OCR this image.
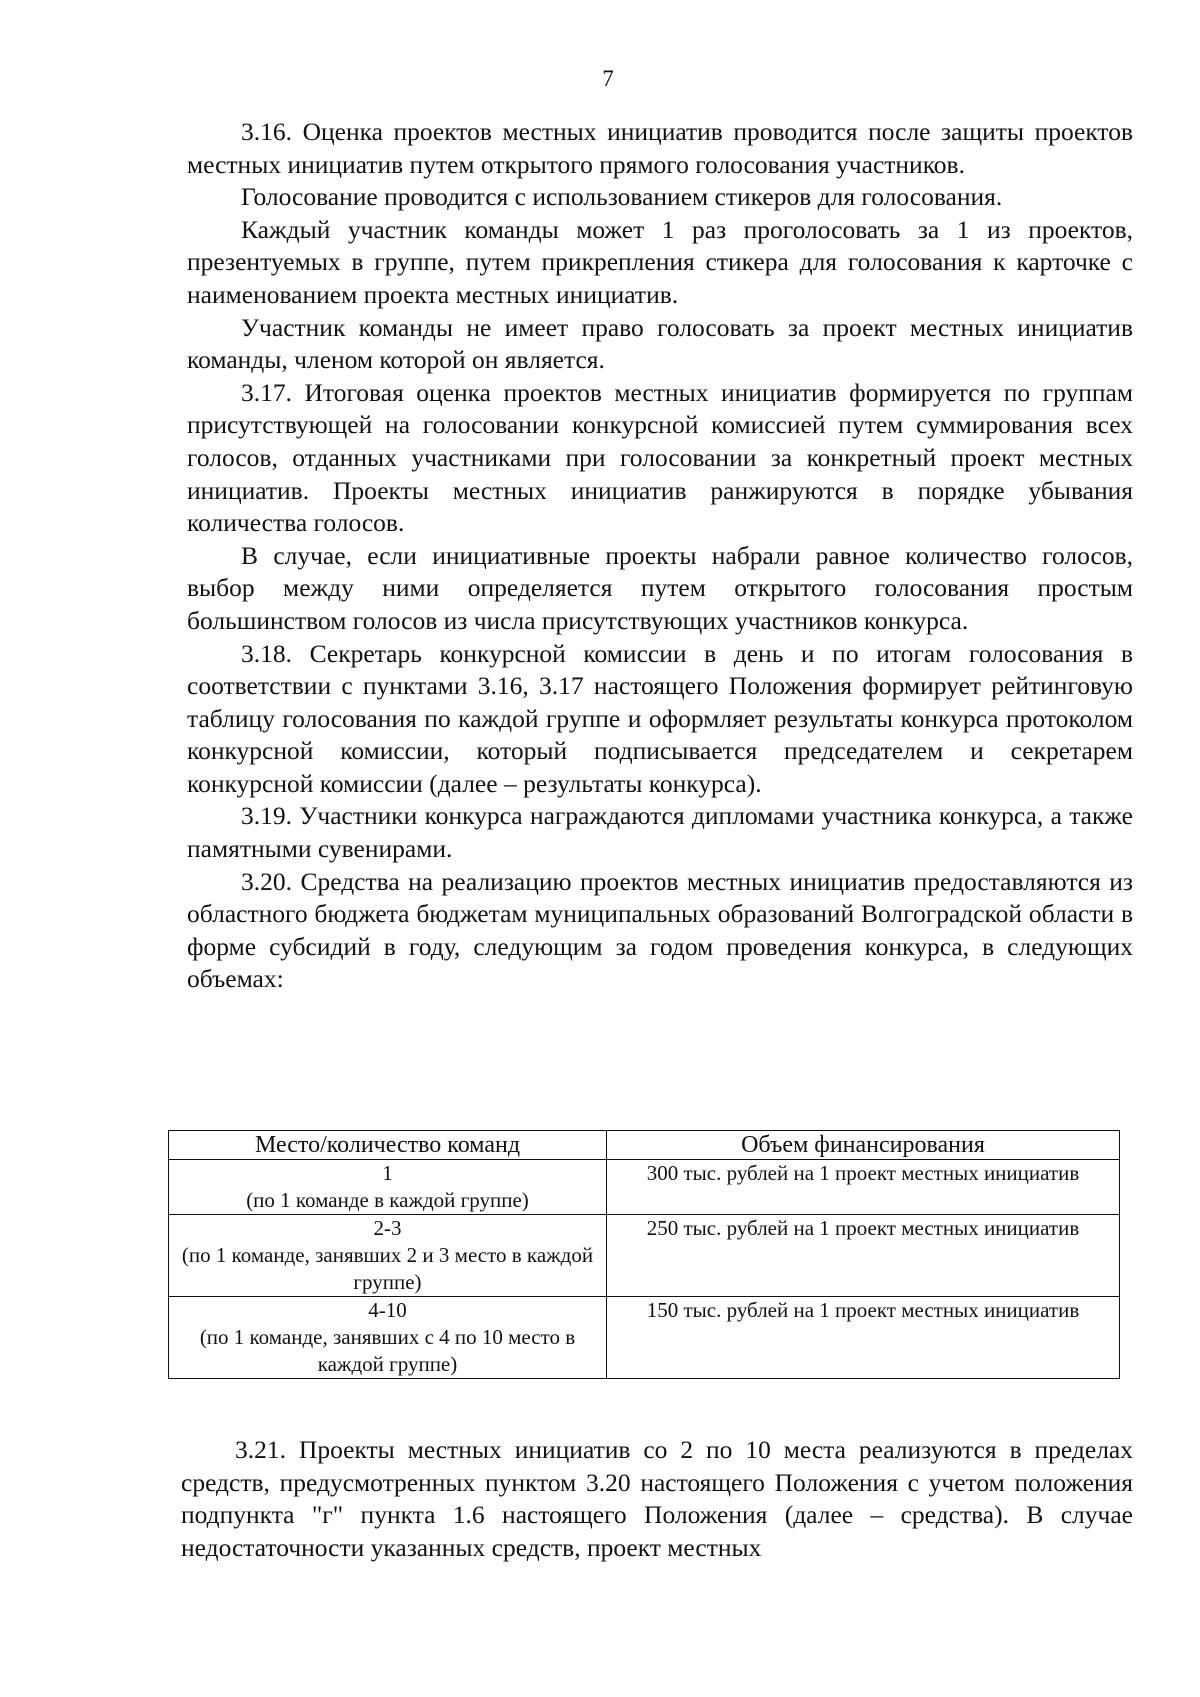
7

3.16. Оценка проектов местных инициатив проводится после защиты проектов местных инициатив путем открытого прямого голосования участников.

Голосование проводится с использованием стикеров для голосования.

Каждый участник команды может 1 раз проголосовать за 1 из проектов, презентуемых в группе, путем прикрепления стикера для голосования к карточке с наименованием проекта местных инициатив.

Участник команды не имеет право голосовать за проект местных инициатив команды, членом которой он является.

3.17. Итоговая оценка проектов местных инициатив формируется по группам присутствующей на голосовании конкурсной комиссией путем суммирования всех голосов, отданных участниками при голосовании за конкретный проект местных инициатив. Проекты местных инициатив ранжируются в порядке убывания количества голосов.

В случае, если инициативные проекты набрали равное количество голосов, выбор между ними определяется путем открытого голосования простым большинством голосов из числа присутствующих участников конкурса.

3.18. Секретарь конкурсной комиссии в день и по итогам голосования в соответствии с пунктами 3.16, 3.17 настоящего Положения формирует рейтинговую таблицу голосования по каждой группе и оформляет результаты конкурса протоколом конкурсной комиссии, который подписывается председателем и секретарем конкурсной комиссии (далее – результаты конкурса).

3.19. Участники конкурса награждаются дипломами участника конкурса, а также памятными сувенирами.

3.20. Средства на реализацию проектов местных инициатив предоставляются из областного бюджета бюджетам муниципальных образований Волгоградской области в форме субсидий в году, следующим за годом проведения конкурса, в следующих объемах:

Место/количество команд	Объем финансирования

1
(по 1 команде в каждой группе)	300 тыс. рублей на 1 проект местных инициатив

2-3
(по 1 команде, занявших 2 и 3 место в каждой группе)	250 тыс. рублей на 1 проект местных инициатив

4-10
(по 1 команде, занявших с 4 по 10 место в каждой группе)	150 тыс. рублей на 1 проект местных инициатив

3.21. Проекты местных инициатив со 2 по 10 места реализуются в пределах средств, предусмотренных пунктом 3.20 настоящего Положения с учетом положения подпункта "г" пункта 1.6 настоящего Положения (далее – средства). В случае недостаточности указанных средств, проект местных
